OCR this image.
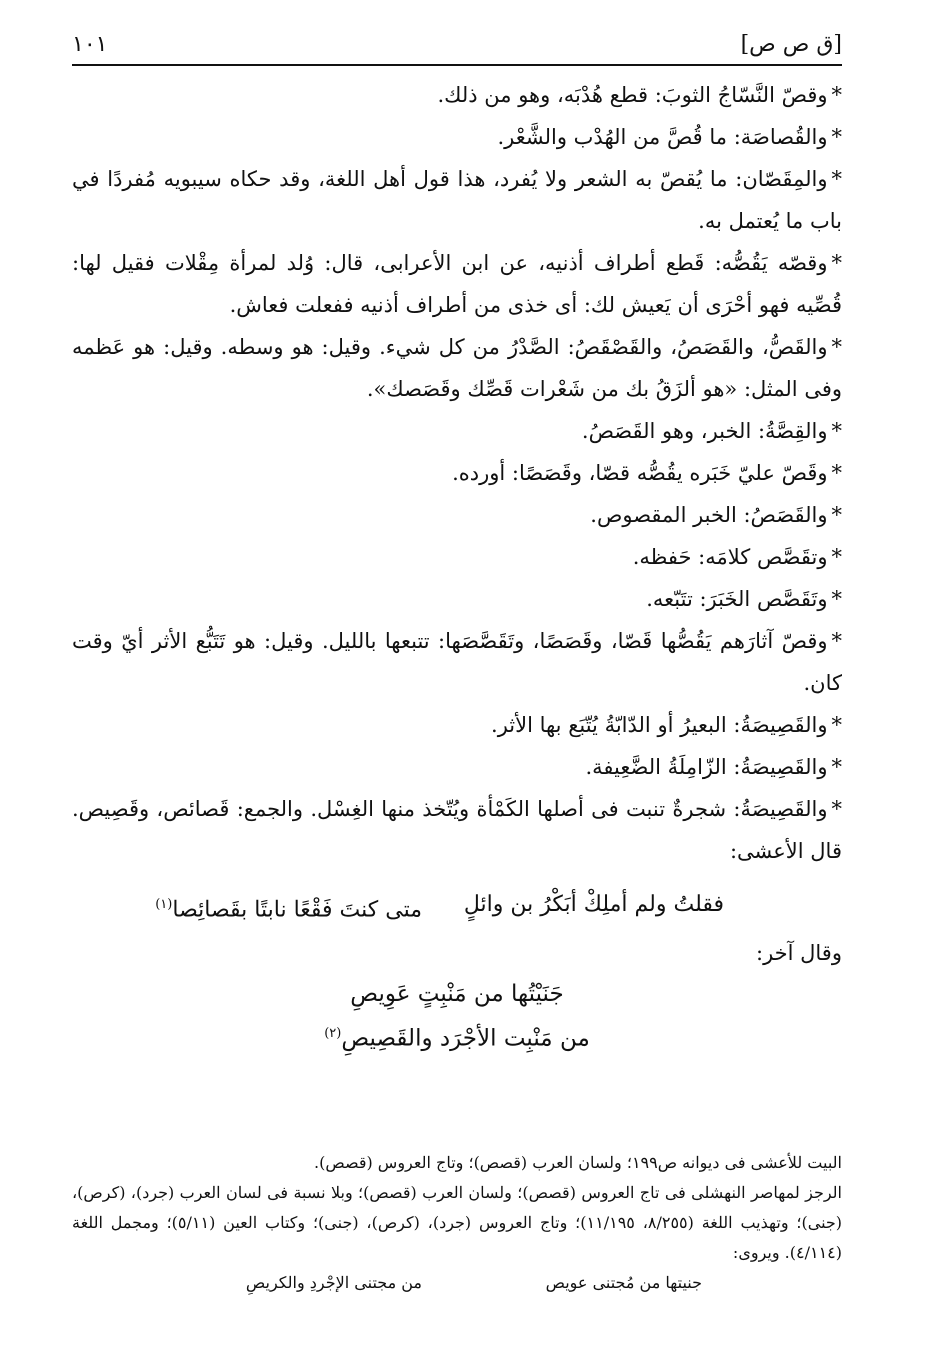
[ق ص ص]
١٠١

*وقصّ النَّسّاجُ الثوبَ: قطع هُدْبَه، وهو من ذلك.

*والقُصاصَة: ما قُصَّ من الهُدْب والشَّعْر.

*والمِقَصّان: ما يُقصّ به الشعر ولا يُفرد، هذا قول أهل اللغة، وقد حكاه سيبويه مُفردًا في باب ما يُعتمل به.

*وقصّه يَقُصُّه: قَطع أطراف أذنيه، عن ابن الأعرابى، قال: وُلد لمرأة مِقْلات فقيل لها: قُصِّيه فهو أحْرَى أن يَعيش لك: أى خذى من أطراف أذنيه ففعلت فعاش.

*والقَصُّ، والقَصَصُ، والقَصْقَصُ: الصَّدْرُ من كل شيء. وقيل: هو وسطه. وقيل: هو عَظمه وفى المثل: «هو ألزَقُ بك من شَعْرات قَصِّك وقَصَصك».

*والقِصَّةُ: الخبر، وهو القَصَصُ.

*وقَصّ عليّ خَبَره يقُصُّه قصّا، وقَصَصًا: أورده.

*والقَصَصُ: الخبر المقصوص.

*وتقَصَّص كلامَه: حَفظه.

*وتَقَصَّص الخَبَرَ: تتَبّعه.

*وقصّ آثارَهم يَقُصُّها قَصّا، وقَصَصًا، وتَقَصَّصَها: تتبعها بالليل. وقيل: هو تَتَبُّع الأثر أيّ وقت كان.

*والقَصِيصَةُ: البعيرُ أو الدّابّةُ يُتّبَع بها الأثر.

*والقَصِيصَةُ: الزّامِلَةُ الضَّعِيفة.

*والقَصِيصَةُ: شجرةٌ تنبت فى أصلها الكَمْأة ويُتّخذ منها الغِسْل. والجمع: قَصائص، وقَصِيص. قال الأعشى:

فقلتُ ولم أملِكْ أبَكْرُ بن وائلٍ
متى كنتَ فَقْعًا نابتًا بقَصائِصا$^{(١)}$

وقال آخر:

جَنَيْتُها من مَنْبِتٍ عَوِيصِ

من مَنْبِت الأجْرَد والقَصِيصِ$^{(٢)}$

البيت للأعشى فى ديوانه ص١٩٩؛ ولسان العرب (قصص)؛ وتاج العروس (قصص).

الرجز لمهاصر النهشلى فى تاج العروس (قصص)؛ ولسان العرب (قصص)؛ وبلا نسبة فى لسان العرب (جرد)، (كرص)، (جنى)؛ وتهذيب اللغة (٨/٢٥٥، ١١/١٩٥)؛ وتاج العروس (جرد)، (كرص)، (جنى)؛ وكتاب العين (٥/١١)؛ ومجمل اللغة (٤/١١٤). ويروى:

جنيتها من مُجتنى عويص
من مجتنى الإجْردِ والكريصِ
